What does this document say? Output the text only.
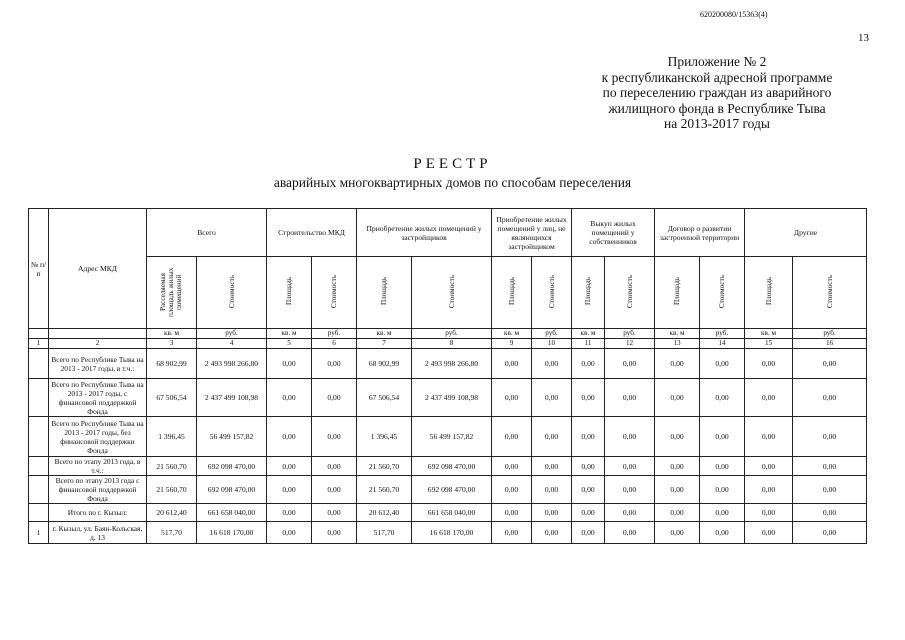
620200080/15363(4)
13
Приложение № 2
к республиканской адресной программе
по переселению граждан из аварийного
жилищного фонда в Республике Тыва
на 2013-2017 годы
РЕЕСТР
аварийных многоквартирных домов по способам переселения
№ п/п	Адрес МКД	Всего		Строительство МКД		Приобретение жилых помещений у застройщиков		Приобретение жилых помещений у лиц, не являющихся застройщиком		Выкуп жилых помещений у собственников		Договор о развитии застроенной территории		Другие	
		Расселяемая площадь жилых помещений	Стоимость	Площадь	Стоимость	Площадь	Стоимость	Площадь	Стоимость	Площадь	Стоимость	Площадь	Стоимость	Площадь	Стоимость
		кв. м	руб.	кв. м	руб.	кв. м	руб.	кв. м	руб.	кв. м	руб.	кв. м	руб.	кв. м	руб.
1	2	3	4	5	6	7	8	9	10	11	12	13	14	15	16
	Всего по Республике Тыва на 2013 - 2017 годы, в т.ч.:	68 902,99	2 493 998 266,80	0,00	0,00	68 902,99	2 493 998 266,80	0,00	0,00	0,00	0,00	0,00	0,00	0,00	0,00
	Всего по Республике Тыва на 2013 - 2017 годы, с финансовой поддержкой Фонда	67 506,54	2 437 499 108,98	0,00	0,00	67 506,54	2 437 499 108,98	0,00	0,00	0,00	0,00	0,00	0,00	0,00	0,00
	Всего по Республике Тыва на 2013 - 2017 годы, без финансовой поддержки Фонда	1 396,45	56 499 157,82	0,00	0,00	1 396,45	56 499 157,82	0,00	0,00	0,00	0,00	0,00	0,00	0,00	0,00
	Всего по этапу 2013 года, в т.ч.:	21 560,70	692 098 470,00	0,00	0,00	21 560,70	692 098 470,00	0,00	0,00	0,00	0,00	0,00	0,00	0,00	0,00
	Всего по этапу 2013 года с финансовой поддержкой Фонда	21 560,70	692 098 470,00	0,00	0,00	21 560,70	692 098 470,00	0,00	0,00	0,00	0,00	0,00	0,00	0,00	0,00
	Итого по г. Кызыл:	20 612,40	661 658 040,00	0,00	0,00	20 612,40	661 658 040,00	0,00	0,00	0,00	0,00	0,00	0,00	0,00	0,00
1	г. Кызыл, ул. Баян-Кольская, д. 13	517,70	16 618 170,00	0,00	0,00	517,70	16 618 170,00	0,00	0,00	0,00	0,00	0,00	0,00	0,00	0,00
